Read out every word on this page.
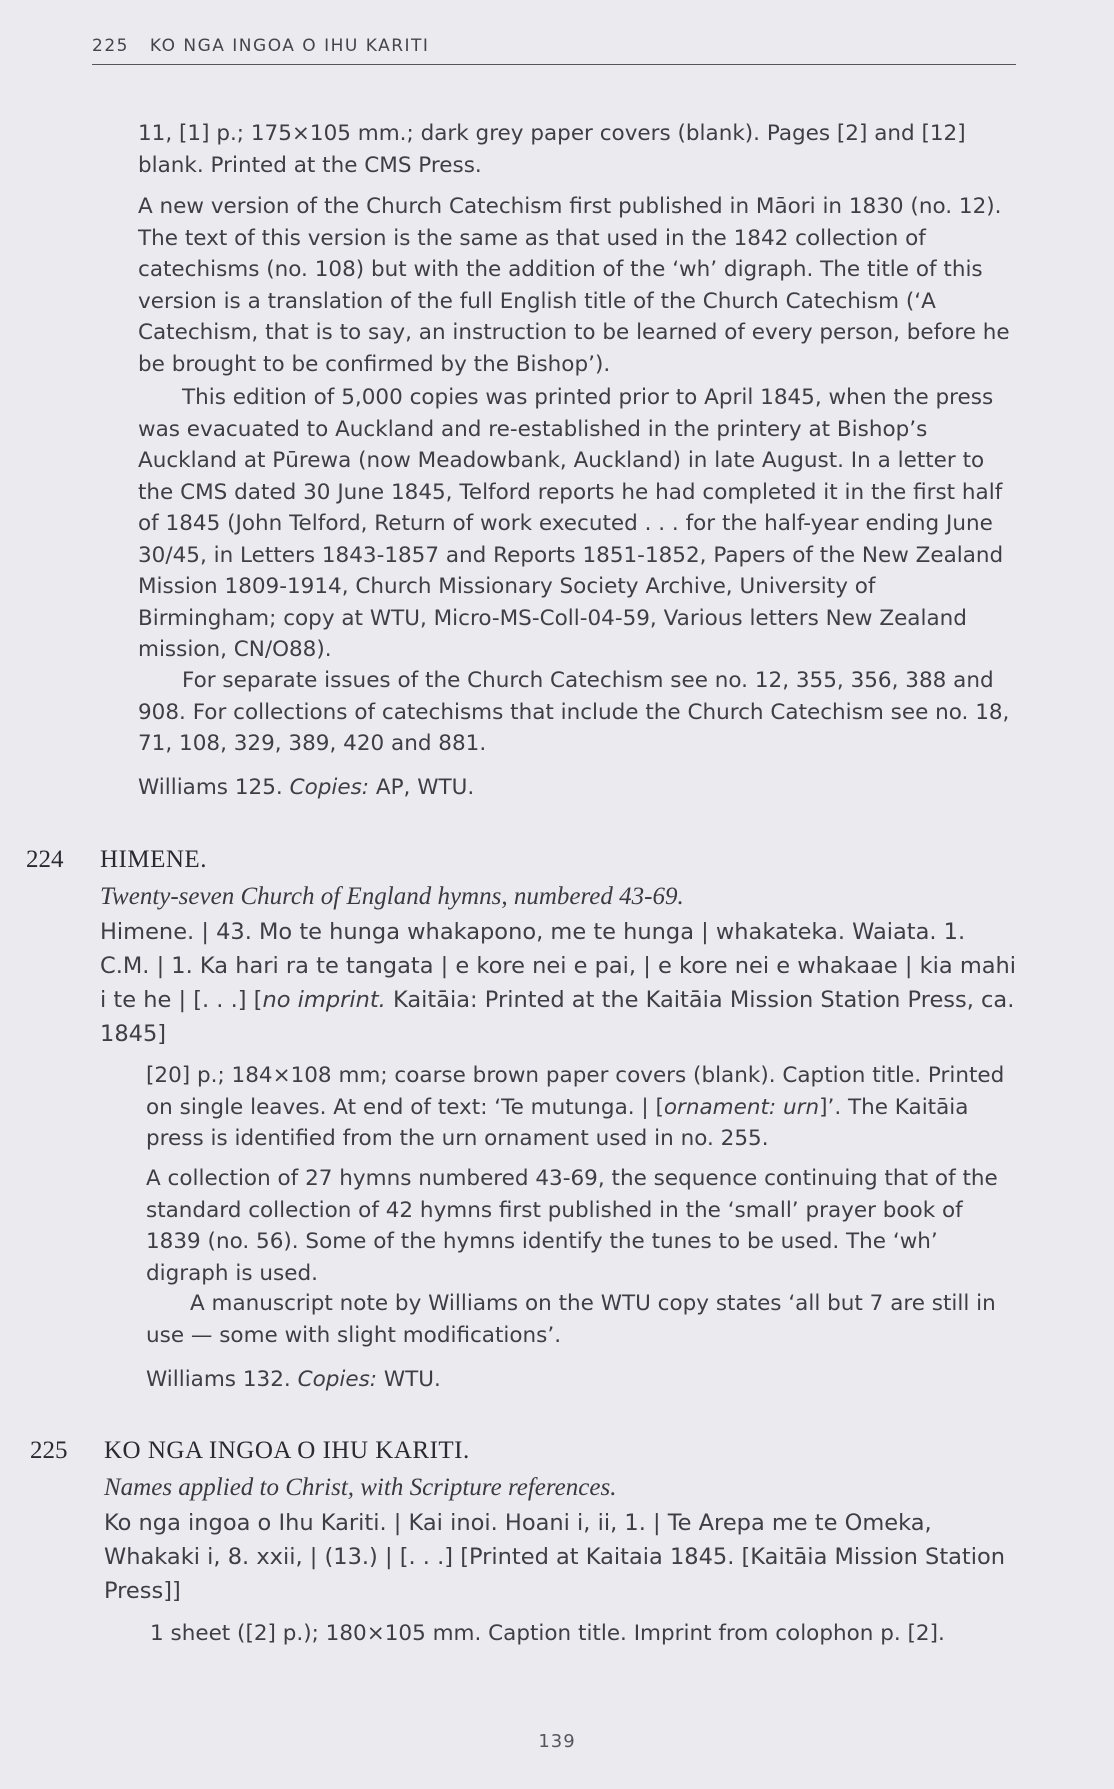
225 KO NGA INGOA O IHU KARITI

11, [1] p.; 175×105 mm.; dark grey paper covers (blank). Pages [2] and [12] blank. Printed at the CMS Press.

A new version of the Church Catechism first published in Māori in 1830 (no. 12). The text of this version is the same as that used in the 1842 collection of catechisms (no. 108) but with the addition of the ‘wh’ digraph. The title of this version is a translation of the full English title of the Church Catechism (‘A Catechism, that is to say, an instruction to be learned of every person, before he be brought to be confirmed by the Bishop’).

This edition of 5,000 copies was printed prior to April 1845, when the press was evacuated to Auckland and re-established in the printery at Bishop’s Auckland at Pūrewa (now Meadowbank, Auckland) in late August. In a letter to the CMS dated 30 June 1845, Telford reports he had completed it in the first half of 1845 (John Telford, Return of work executed . . . for the half-year ending June 30/45, in Letters 1843-1857 and Reports 1851-1852, Papers of the New Zealand Mission 1809-1914, Church Missionary Society Archive, University of Birmingham; copy at WTU, Micro-MS-Coll-04-59, Various letters New Zealand mission, CN/O88).

For separate issues of the Church Catechism see no. 12, 355, 356, 388 and 908. For collections of catechisms that include the Church Catechism see no. 18, 71, 108, 329, 389, 420 and 881.

Williams 125. Copies: AP, WTU.

224 HIMENE.
Twenty-seven Church of England hymns, numbered 43-69.

Himene. | 43. Mo te hunga whakapono, me te hunga | whakateka. Waiata. 1. C.M. | 1. Ka hari ra te tangata | e kore nei e pai, | e kore nei e whakaae | kia mahi i te he | [. . .] [no imprint. Kaitāia: Printed at the Kaitāia Mission Station Press, ca. 1845]

[20] p.; 184×108 mm; coarse brown paper covers (blank). Caption title. Printed on single leaves. At end of text: ‘Te mutunga. | [ornament: urn]’. The Kaitāia press is identified from the urn ornament used in no. 255.

A collection of 27 hymns numbered 43-69, the sequence continuing that of the standard collection of 42 hymns first published in the ‘small’ prayer book of 1839 (no. 56). Some of the hymns identify the tunes to be used. The ‘wh’ digraph is used.

A manuscript note by Williams on the WTU copy states ‘all but 7 are still in use — some with slight modifications’.

Williams 132. Copies: WTU.

225 KO NGA INGOA O IHU KARITI.
Names applied to Christ, with Scripture references.

Ko nga ingoa o Ihu Kariti. | Kai inoi. Hoani i, ii, 1. | Te Arepa me te Omeka, Whakaki i, 8. xxii, | (13.) | [. . .] [Printed at Kaitaia 1845. [Kaitāia Mission Station Press]]

1 sheet ([2] p.); 180×105 mm. Caption title. Imprint from colophon p. [2].

139
